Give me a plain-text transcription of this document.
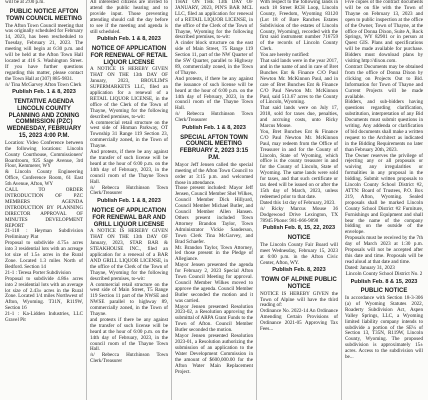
will be at 2:00 p.m.
PUBLIC NOTICE AFTON TOWN COUNCIL MEETING
The Afton Town Council meeting that was originally scheduled for February 14, 2023, has been rescheduled to Tuesday, February 21, 2023. The meeting will begin at 6:30 p.m. and will be held at the Afton Town Hall located at 416 S. Washington Street. If you have further questions regarding this matter, please contact the Town Hall at (307) 885-9831.
/s/ Tina McGarvey Afton Town Clerk
Publish Feb. 1 & 8, 2023
TENTATIVE AGENDA LINCOLN COUNTY PLANNING AND ZONING COMMISSION (PZC) WEDNESDAY, FEBRUARY 15, 2023 4:00 P.M.
Location: Video Conference between the following locations: Lincoln County Courthouse, Commissioners' Boardroom, 925 Sage Avenue, 3rd Floor, Kemmerer, WY
& Lincoln County Engineering Office, Conference Room, 61 East 5th Avenue, Afton, WY
CALL TO ORDER INTRODUCTION OF PZC MEMBERS AGENDA INTRODUCTION BY PLANNING DIRECTOR APPROVAL OF MINUTES DEVELOPMENT REPORT
21-118 : Heyman Subdivision Preliminary Plat
Proposal to subdivide 4.75± acres into 3 residential lots with an acreage lot size of 1.5± acres in the Rural Zone. Located 1.3 miles North of Bedford. Section 14
21-1 : Teresa Porter Subdivision
Proposal to subdivide 4.86± acres into 2 residential lots with an average lot size of 2.43± acres in the Rural Zone. Located 1/4 miles Northwest of Afton, Wyoming. T31N, R119W, Section 16
21-1 : Ka-Lidden Industries, LLC Gravel Pit
All interested citizens are invited to attend the public hearing and to provide input. Those preventing attending should call the day before to see if the meeting and agenda is still scheduled.
Publish Feb. 1 & 8, 2023
NOTICE OF APPLICATION FOR RENEWAL OF RETAIL LIQUOR LICENSE
A NOTICE IS HEREBY GIVEN THAT ON THE 13th DAY OF January, 2023, BROULIM'S SUPERMARKETS LLC, filed an application for a renewal of a RETAIL LIQUOR LICENSE, in the office of the Clerk of the Town of Thayne, Wyoming for the following described premises, to-wit:
A commercial retail structure on the west side of Hinman Parkway, OT Township 31 Range 119 Section 23, commercially zoned, in the Town of Thayne.
And protests, if there be any against the transfer of such license will be heard at the hour of 6:00 p.m. on the 14th day of February, 2023, in the council room of the Thayne Town Hall.
/s/ Rebecca Hutchinson Town Clerk/Treasurer
Publish Feb. 1 & 8, 2023
NOTICE OF APPLICATION FOR RENEWAL BAR AND GRILL LIQUOR LICENSE
A NOTICE IS HEREBY GIVEN THAT ON THE 13th DAY OF January, 2023, STAR BAR & STEAKHOUSE INC., filed an application for a renewal of a BAR AND GRILL LIQUOR LICENSE, in the office of the Clerk of the Town of Thayne, Wyoming for the following described premises, to-wit:
A commercial retail structure on the west side of Main Street, T5 Range 119 Section 11 part of the NWSE and NWSE parallel to highway 89, commercially zoned, in the Town of Thayne.
and protests if there be any against the transfer of such license will be heard at the hour of 6:00 p.m. on the 14th day of February, 2023, in the council room of the Thayne Town Hall.
/s/ Rebecca Hutchinson Town Clerk/Treasurer
THAT ON THE 13th DAY OF JANUARY, 2023, PIN'S BAR MCL LLC, filed an application for renewal of a RETAIL LIQUOR LICENSE, in the office of the Clerk of the Town of Thayne, Wyoming for the following described premises, to-wit:
A cinder block structure on the east side of Main Street, 75 Range 119 Section 11, part of the NW Quarter of the SW Quarter, parallel to Highway 89, commercially zoned, in the Town of Thayne.
And protests, if there be any against the issuance of such license will be heard at the hour of 6:00 p.m. on the 14th day of February, 2023, in the council room of the Thayne Town Hall.
/s/ Rebecca Hutchinson Town Clerk/Treasurer
Publish Feb. 1 & 8, 2023
SPECIAL AFTON TOWN COUNCIL MEETING FEBRUARY 2, 2023 3:15 P.M.
Mayor Jeff Jensen called the special meeting of the Afton Town Council to order at 3:15 p.m. and welcomed those in attendance.
Those present included: Mayor Jeff Jensen, Council Member Shel Wilkes, Council Member Dick Hillyard, Council Member Michael Butler, and Council Member Allen Hansen. Others present included Town Attorney Brandon Taylor, Town Administrator Vickie Sanderson, Town Clerk Tina McGarvey, and Brad Schaefer.
Mr. Brandon Taylor, Town Attorney, led those present in the Pledge of Allegiance.
Mayor Jensen presented the agenda for February 2, 2023 Special Afton Town Council Meeting for approval. Council Member Wilkes moved to approve the agenda. Council Member Butler seconded the motion and it was carried.
Mayor Jensen presented Resolution 2023-02, a Resolution approving the submittal of ARPA Grant Funds to the Town of Afton. Council Member Butler seconded the motion.
Mayor Jensen presented Resolution 2023-01, a Resolution authorizing the submission of an application to the Water Development Commission in the amount of $600,000.00 for the Afton Water Main Replacement Project.
With respect to the following lands in each 18 Street RCH Loop, Lincoln County, Freedom, Wyoming 83120 (Lot 18 of Bare Ranches Estates Subdivision of the estates of Lincoln County, Wyoming), recorded with the first said instrument number 716759 of the records of Lincoln County Clerk.
You are hereby notified:
That said lands were in the year 2017, and in the name of and in care of Bret Bunches Ent & Finance C/O Paul Newton Mr. McKinnon Paul, and in care of Bret Bunches Ent & Finance C/O Paul Newton Mr. McKinnon Paul, said 513.67 acres to the County of Lincoln, Wyoming.
That said lands were on July 17, 2018, sold for taxes due, penalties, and accruing costs, unto Ricky Marcus Mouse.
You, Bret Bunches Ent & Finance C/O Paul Newton Mr. McKinnon Paul, may redeem from the Office of Treasurer in and for the County of Lincoln, State of Wyoming, which office is the county treasurer in and for the County of Lincoln, State of Wyoming. The same lands were sold for taxes, and that such certificate or tax deed will be issued on or after the 15th day of March, 2023, unless redeemed prior to that date.
Dated this 1st day of February, 2023.
/s/ Ricky Marcus Mouse 36 Dodgewood Drive Lexington, TX 78945 Phone: 981-666-9898
Publish Feb. 8, 15, 22, 2023
NOTICE
The Lincoln County Fair Board will meet Wednesday, February 15, 2023 at 6:00 p.m. in the Afton Civic Center, Afton, WY.
Publish Feb. 8, 2023
TOWN OF ALPINE PUBLIC NOTICE
NOTICE IS HEREBY GIVEN the Town of Alpine will have the third reading of:
Ordinance No. 2022-14 An Ordinance Amending Certain Provisions of Ordinance 2021-05 Approving Tax Fees...
Five copies of the contract documents will be on file with the Town of Thayne on February 13, 2023 and open to public inspection at the office of the Owner, Town of Thayne, at the office of Donna Dixon, Suite A, Rock Springs, WY 82901 or in person at Quest GIS. Plans and specifications will be made available for purchase. Bidders must download plans by visiting http://dixon.com.
Contract Documents may be obtained from the office of Donna Dixon by clicking on Projects Out to Bid. Information for Town of Thayne and Current Projects will be made available.
Bidders, and sub-bidders having questions regarding clarification, substitution, interpretation of any Bid Documents must submit questions in writing. Any addenda or clarification of bid documents shall make a written request to the Architect as indicated in the Bidding Requirements no later than February 20th, 2023.
The Owner reserves the privilege of rejecting any or all proposals or waiving any irregularities or formalities in any proposal in the bidding. Submit written proposals to Lincoln County School District #2, ATTN: Board of Trustees, P.O. Box 219, Afton, Wyoming. Sealed proposals shall be marked Lincoln County School District #2 Furniture, Furnishings and Equipment and shall bear the name of the company bidding on the outside of the envelope.
Proposals must be received by the 7th day of March 2023 at 1:30 p.m. Proposals will not be accepted after this date and time. Proposals will be read aloud at that date and time.
Dated: January 31, 2023
Lincoln County School District No. 2
Publish Feb. 8 & 15, 2023
PUBLIC NOTICE
In accordance with Section 18-3-306 (a) of Wyoming Statutes 2022, Roaderty Subdivision Act, Aspen Valley Springs, LLC, a Wyoming limited liability company intends to subdivide a portion of the SE¼ of Section 13, T35N, R119W, Lincoln County, Wyoming. The proposed subdivision is approximately 15± acres. Access to the subdivision will be...
